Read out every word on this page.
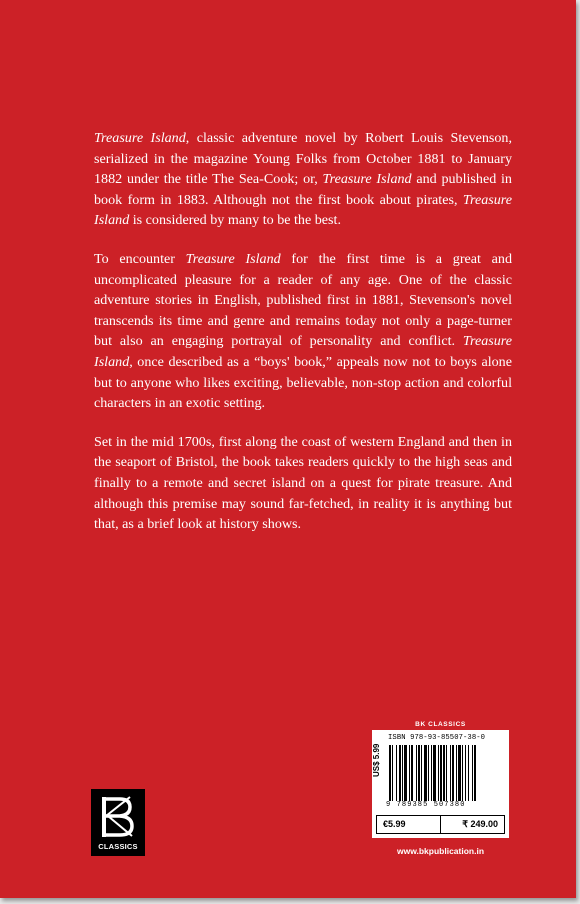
Treasure Island, classic adventure novel by Robert Louis Stevenson, serialized in the magazine Young Folks from October 1881 to January 1882 under the title The Sea-Cook; or, Treasure Island and published in book form in 1883. Although not the first book about pirates, Treasure Island is considered by many to be the best.

To encounter Treasure Island for the first time is a great and uncomplicated pleasure for a reader of any age. One of the classic adventure stories in English, published first in 1881, Stevenson's novel transcends its time and genre and remains today not only a page-turner but also an engaging portrayal of personality and conflict. Treasure Island, once described as a “boys' book,” appeals now not to boys alone but to anyone who likes exciting, believable, non-stop action and colorful characters in an exotic setting.

Set in the mid 1700s, first along the coast of western England and then in the seaport of Bristol, the book takes readers quickly to the high seas and finally to a remote and secret island on a quest for pirate treasure. And although this premise may sound far-fetched, in reality it is anything but that, as a brief look at history shows.

CLASSICS
BK CLASSICS
ISBN 978-93-85507-38-0
US$ 5.99
9 789385 507380
€5.99	₹ 249.00
www.bkpublication.in
